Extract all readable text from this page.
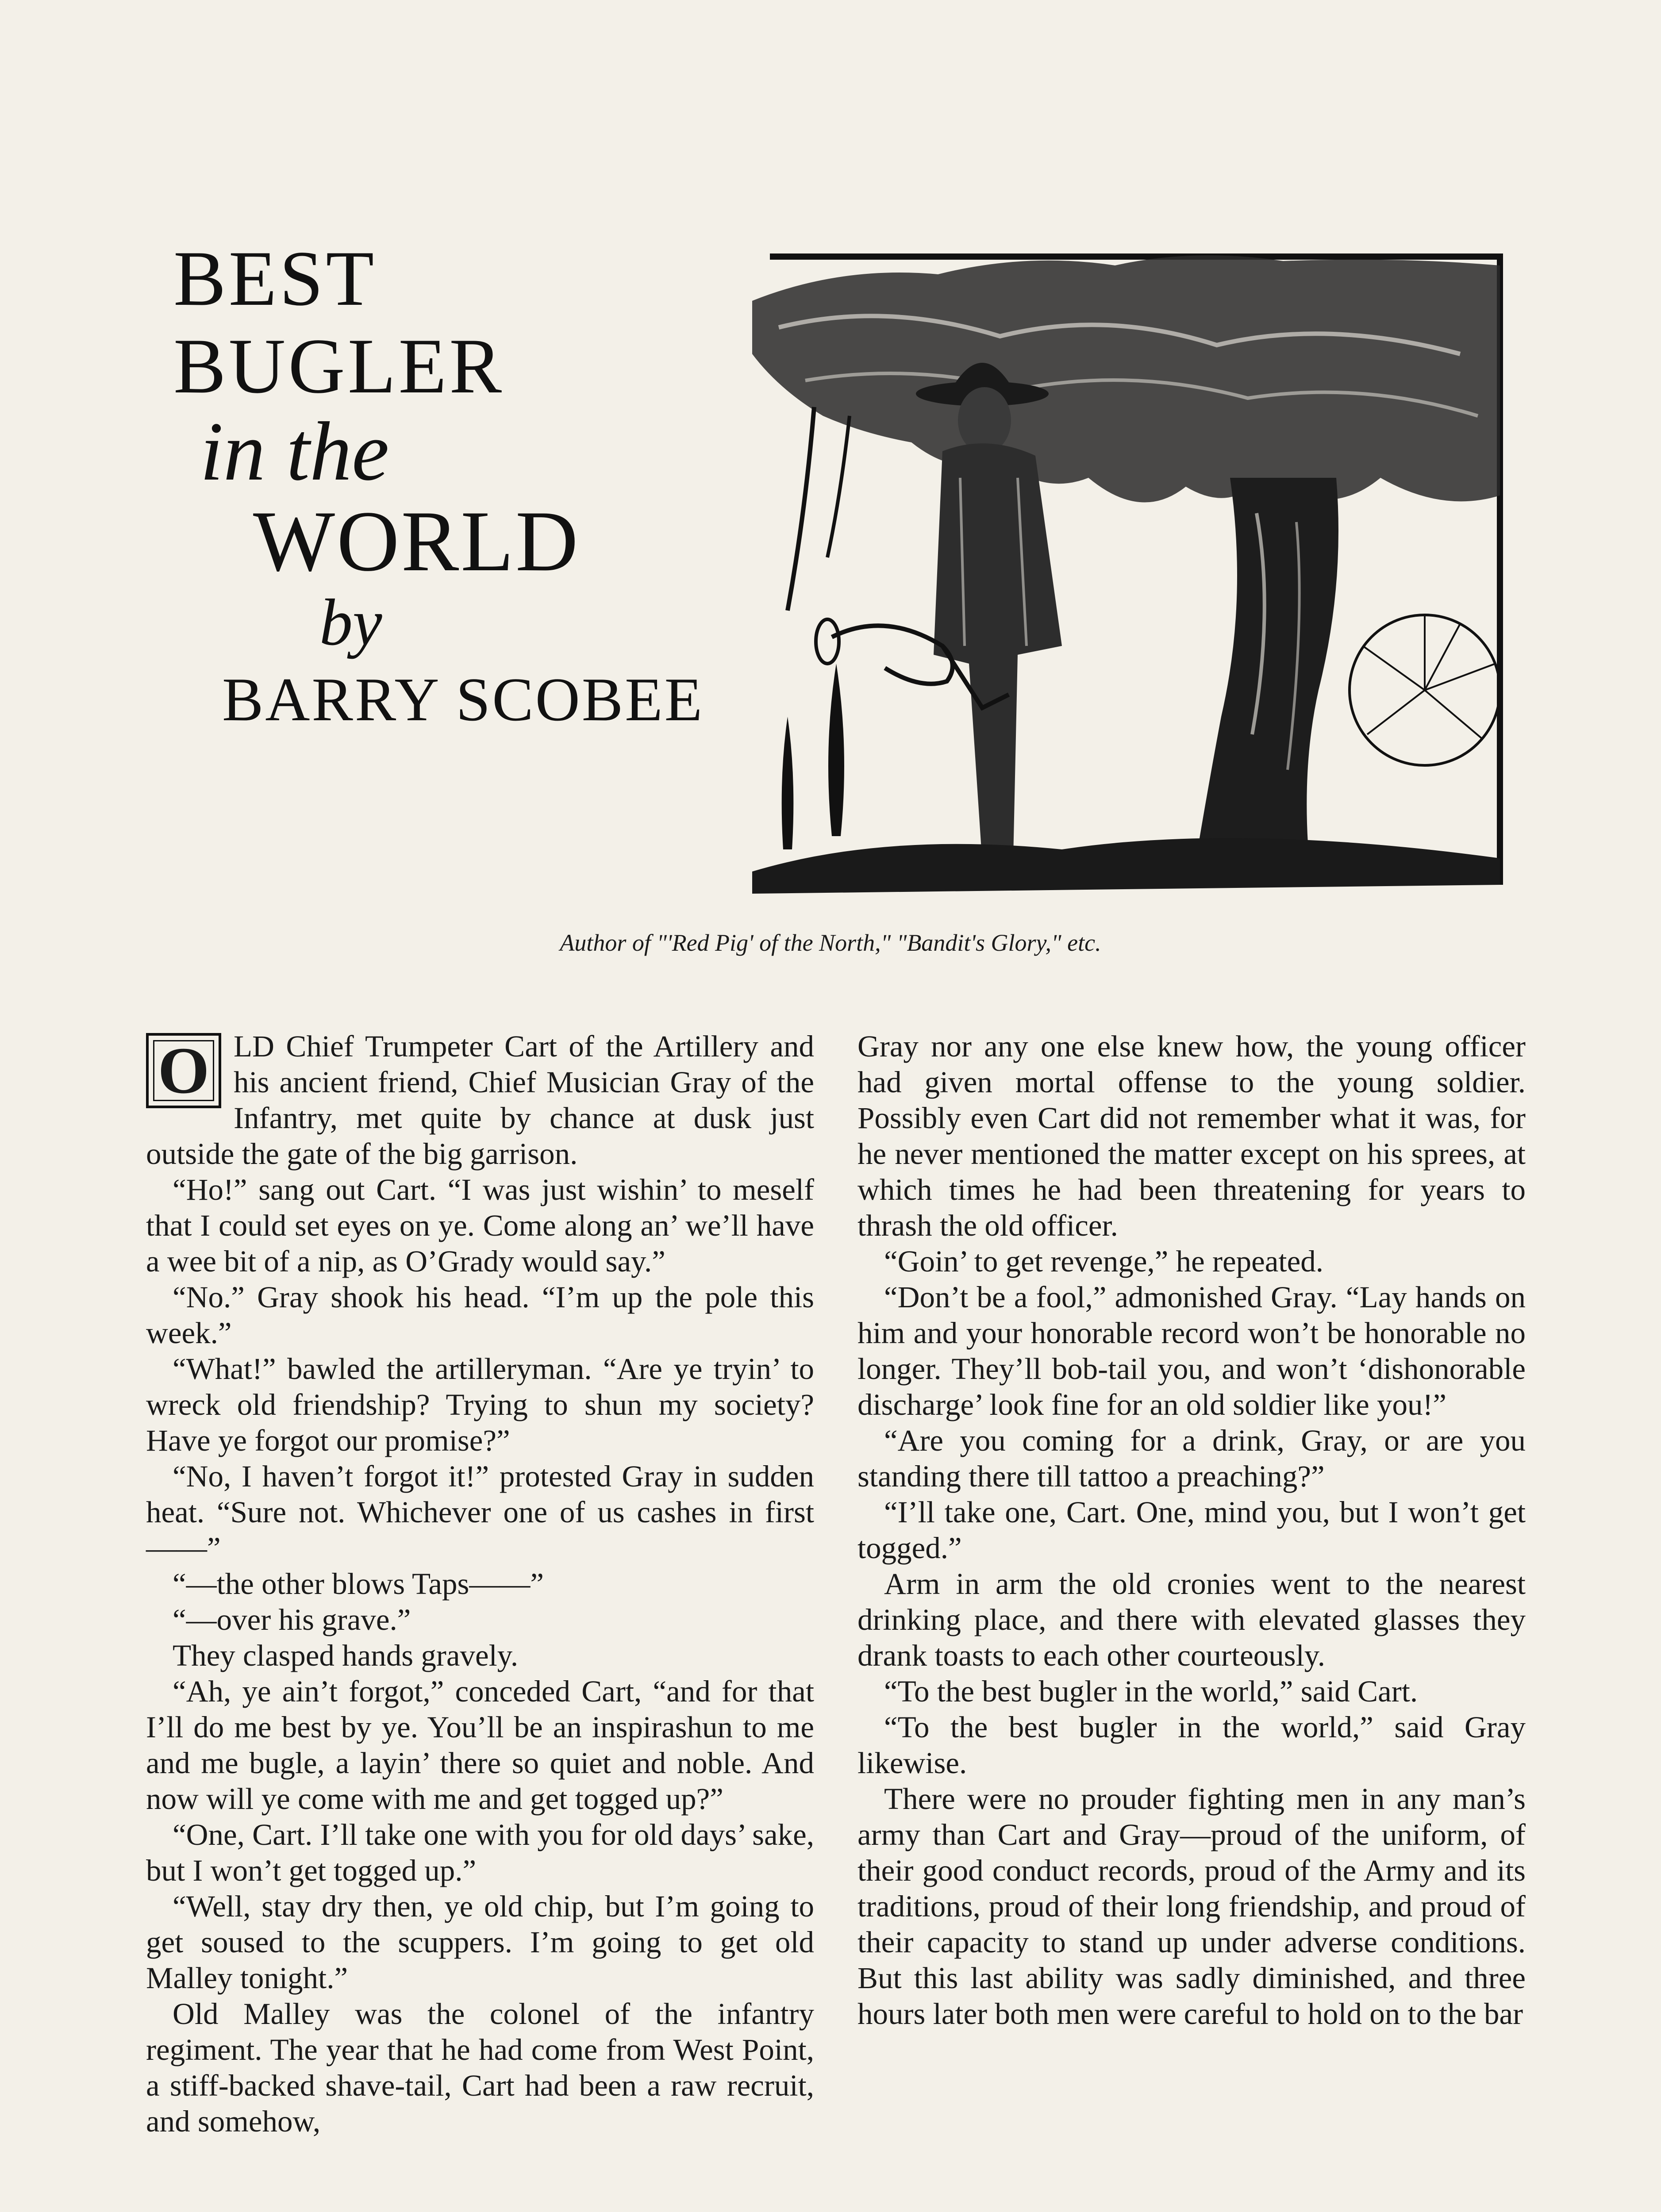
BEST
BUGLER
in the
WORLD
by
BARRY SCOBEE
Author of "'Red Pig' of the North," "Bandit's Glory," etc.
O LD Chief Trumpeter Cart of the Artillery and his ancient friend, Chief Musician Gray of the Infantry, met quite by chance at dusk just outside the gate of the big garrison.

“Ho!” sang out Cart. “I was just wishin’ to meself that I could set eyes on ye. Come along an’ we’ll have a wee bit of a nip, as O’Grady would say.”

“No.” Gray shook his head. “I’m up the pole this week.”

“What!” bawled the artilleryman. “Are ye tryin’ to wreck old friendship? Trying to shun my society? Have ye forgot our promise?”

“No, I haven’t forgot it!” protested Gray in sudden heat. “Sure not. Whichever one of us cashes in first——”

“—the other blows Taps——”

“—over his grave.”

They clasped hands gravely.

“Ah, ye ain’t forgot,” conceded Cart, “and for that I’ll do me best by ye. You’ll be an inspirashun to me and me bugle, a layin’ there so quiet and noble. And now will ye come with me and get togged up?”

“One, Cart. I’ll take one with you for old days’ sake, but I won’t get togged up.”

“Well, stay dry then, ye old chip, but I’m going to get soused to the scuppers. I’m going to get old Malley tonight.”

Old Malley was the colonel of the infantry regiment. The year that he had come from West Point, a stiff-backed shave-tail, Cart had been a raw recruit, and somehow,

Gray nor any one else knew how, the young officer had given mortal offense to the young soldier. Possibly even Cart did not remember what it was, for he never mentioned the matter except on his sprees, at which times he had been threatening for years to thrash the old officer.

“Goin’ to get revenge,” he repeated.

“Don’t be a fool,” admonished Gray. “Lay hands on him and your honorable record won’t be honorable no longer. They’ll bob-tail you, and won’t ‘dishonorable discharge’ look fine for an old soldier like you!”

“Are you coming for a drink, Gray, or are you standing there till tattoo a preaching?”

“I’ll take one, Cart. One, mind you, but I won’t get togged.”

Arm in arm the old cronies went to the nearest drinking place, and there with elevated glasses they drank toasts to each other courteously.

“To the best bugler in the world,” said Cart.

“To the best bugler in the world,” said Gray likewise.

There were no prouder fighting men in any man’s army than Cart and Gray—proud of the uniform, of their good conduct records, proud of the Army and its traditions, proud of their long friendship, and proud of their capacity to stand up under adverse conditions. But this last ability was sadly diminished, and three hours later both men were careful to hold on to the bar
